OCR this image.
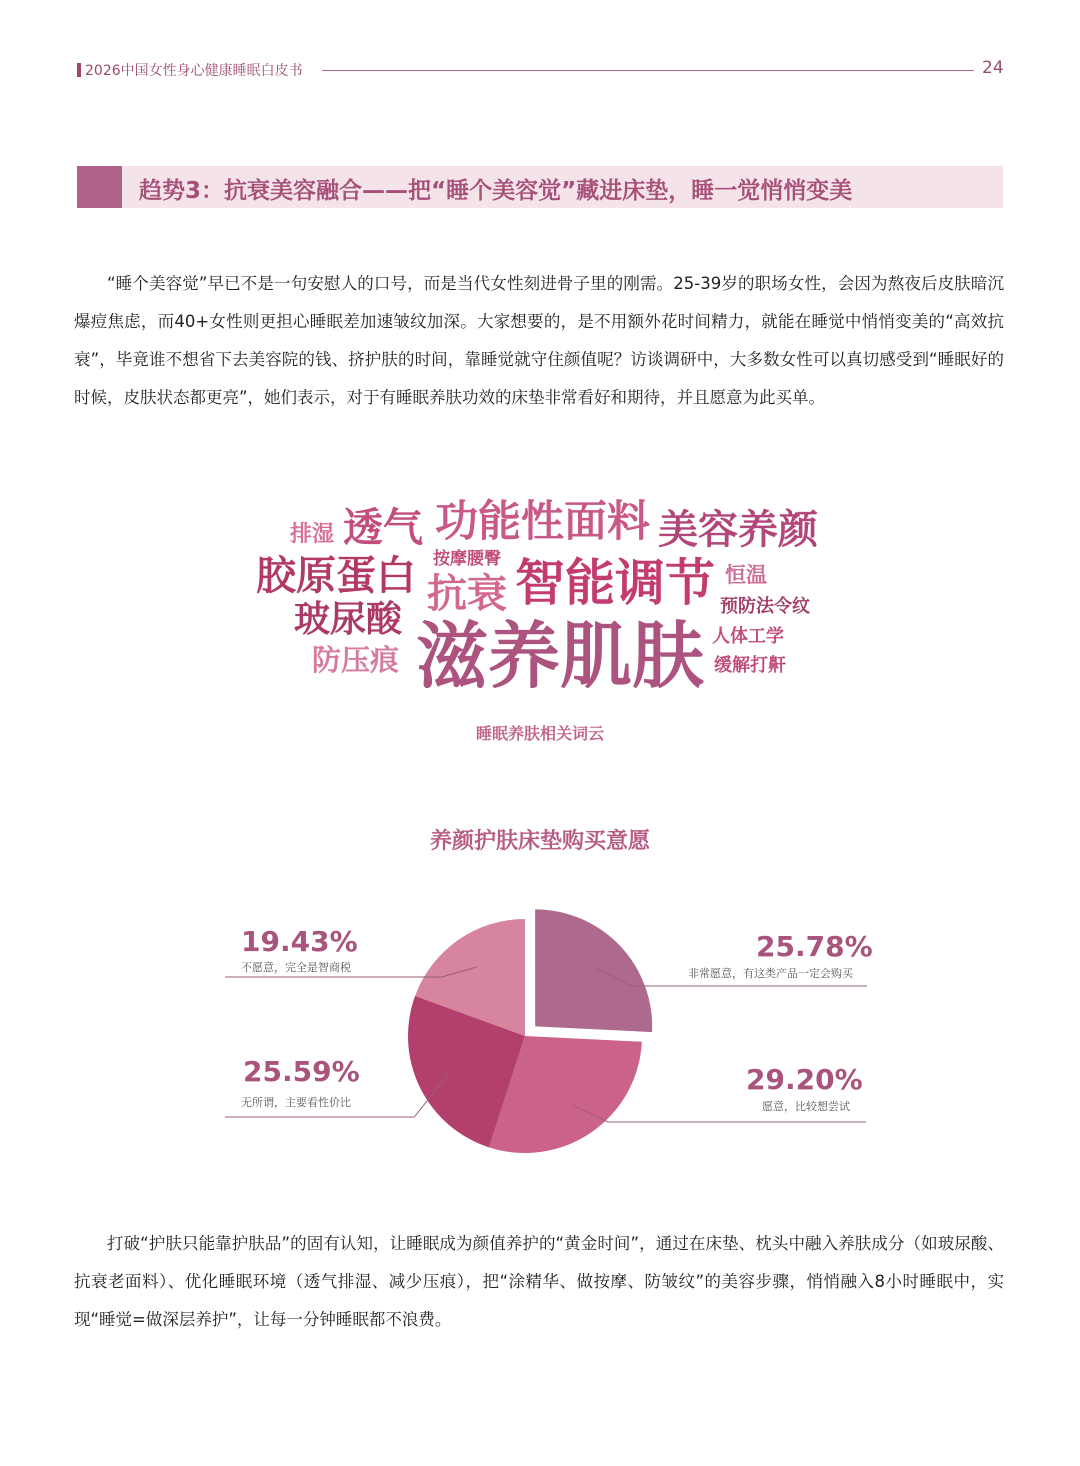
2026中国女性身心健康睡眠白皮书	24
趋势3：抗衰美容融合——把“睡个美容觉”藏进床垫，睡一觉悄悄变美

“睡个美容觉”早已不是一句安慰人的口号，而是当代女性刻进骨子里的刚需。25-39岁的职场女性，会因为熬夜后皮肤暗沉爆痘焦虑，而40+女性则更担心睡眠差加速皱纹加深。大家想要的，是不用额外花时间精力，就能在睡觉中悄悄变美的“高效抗衰”，毕竟谁不想省下去美容院的钱、挤护肤的时间，靠睡觉就守住颜值呢？访谈调研中，大多数女性可以真切感受到“睡眠好的时候，皮肤状态都更亮”，她们表示，对于有睡眠养肤功效的床垫非常看好和期待，并且愿意为此买单。

排湿 透气 功能性面料 美容养颜
胶原蛋白 按摩腰臀
抗衰 智能调节 恒温
预防法令纹
玻尿酸	人体工学
防压痕 滋养肌肤 缓解打鼾
睡眠养肤相关词云
养颜护肤床垫购买意愿
25.78%
非常愿意，有这类产品一定会购买
29.20%
愿意，比较想尝试
25.59%
无所谓，主要看性价比
19.43%
不愿意，完全是智商税

打破“护肤只能靠护肤品”的固有认知，让睡眠成为颜值养护的“黄金时间”，通过在床垫、枕头中融入养肤成分（如玻尿酸、抗衰老面料）、优化睡眠环境（透气排湿、减少压痕），把“涂精华、做按摩、防皱纹”的美容步骤，悄悄融入8小时睡眠中，实现“睡觉=做深层养护”，让每一分钟睡眠都不浪费。
